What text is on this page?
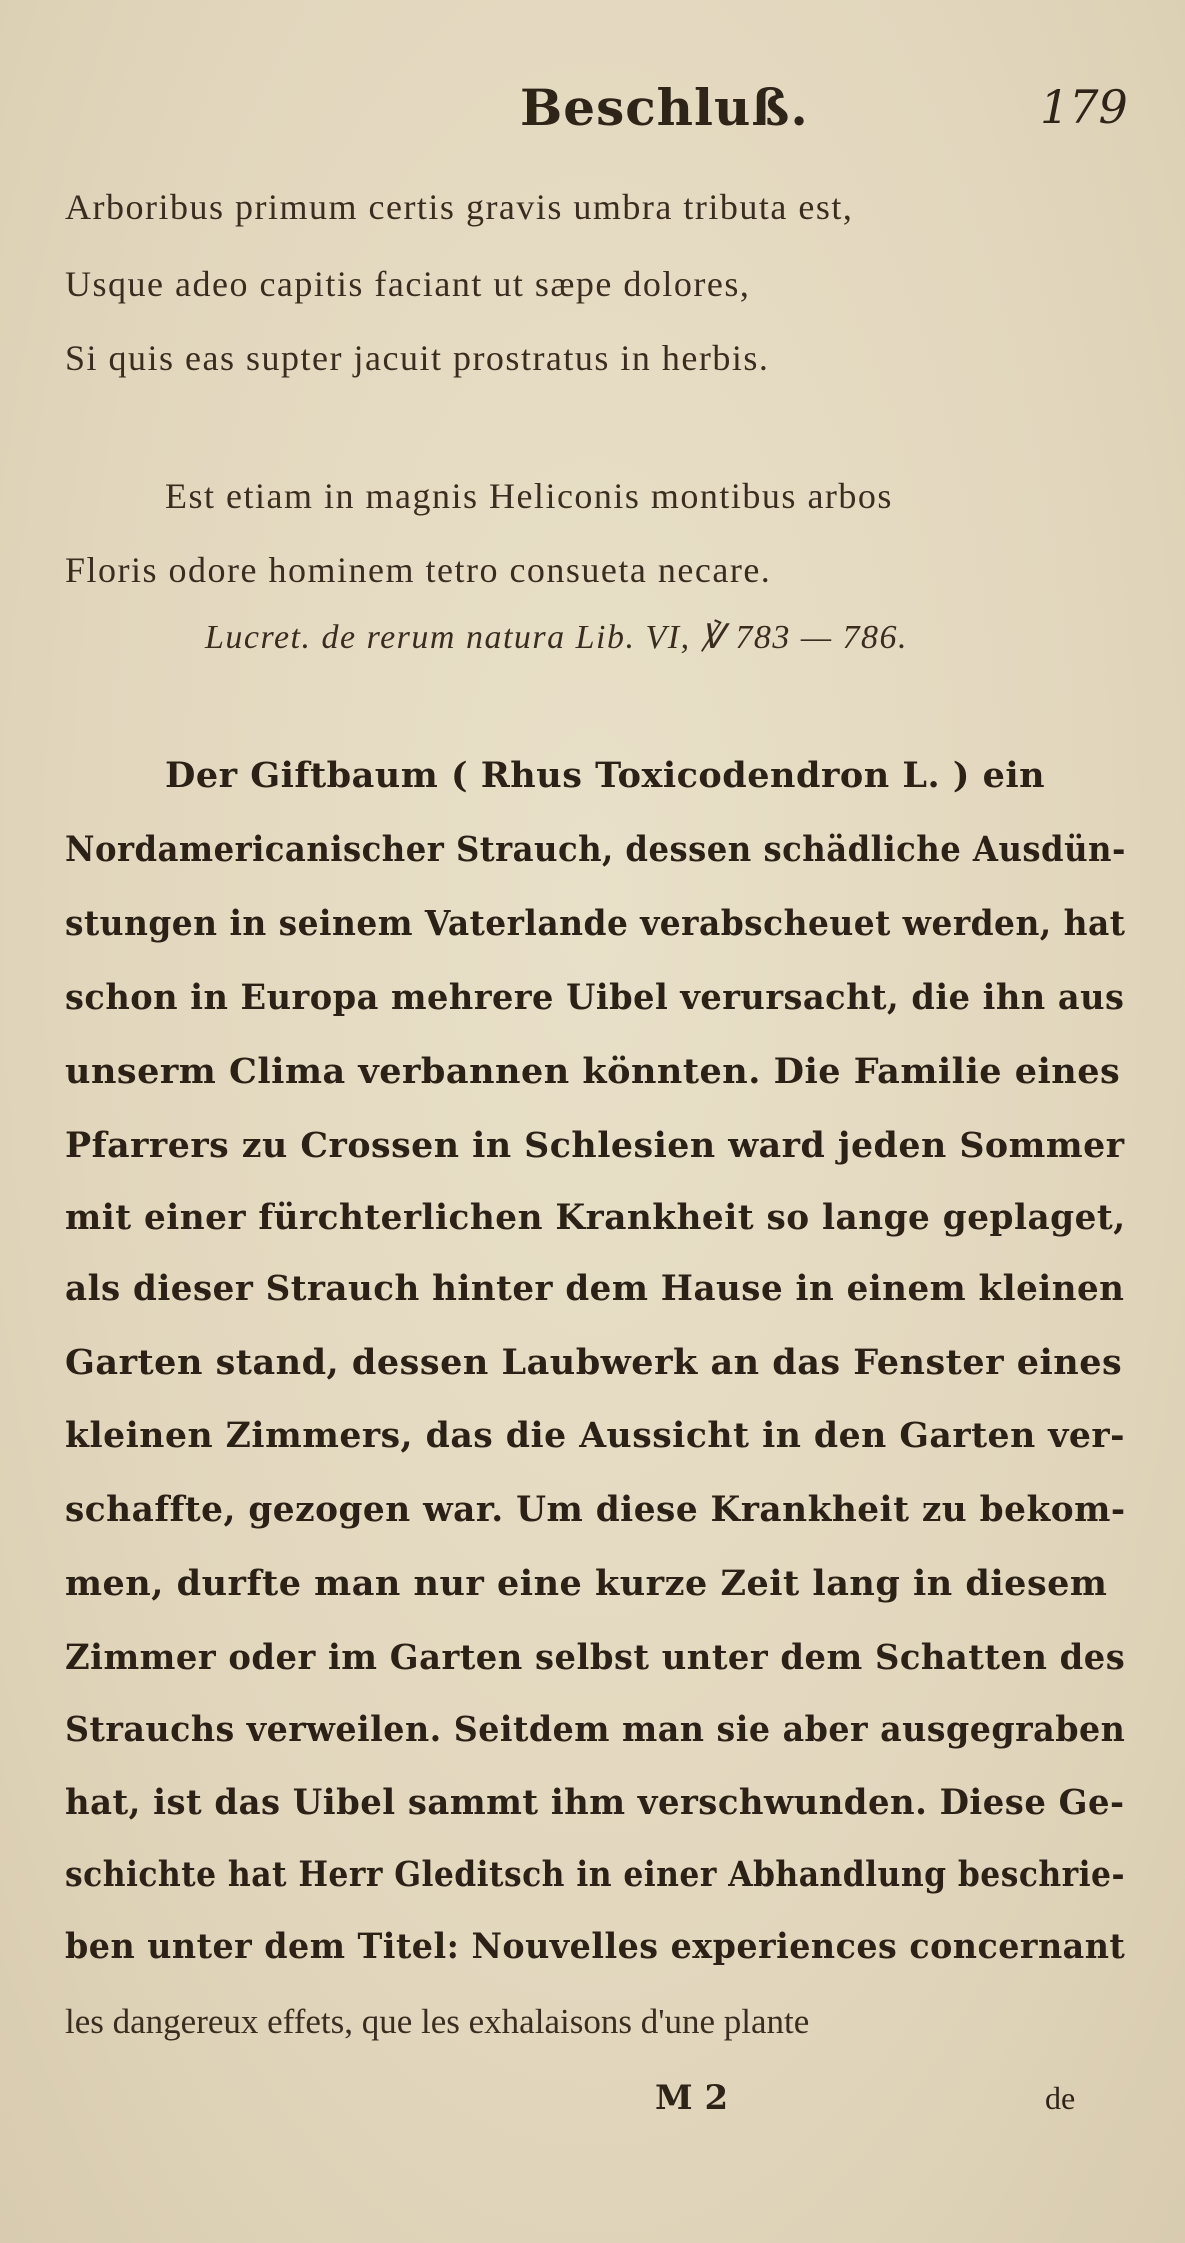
Beschluß.	179
Arboribus primum certis gravis umbra tributa est,
Usque adeo capitis faciant ut sæpe dolores,
Si quis eas supter jacuit prostratus in herbis.
Est etiam in magnis Heliconis montibus arbos
Floris odore hominem tetro consueta necare.
Lucret. de rerum natura Lib. VI, ℣ 783 — 786.
Der Giftbaum ( Rhus Toxicodendron L. ) ein
Nordamericanischer Strauch, dessen schädliche Ausdün-
stungen in seinem Vaterlande verabscheuet werden, hat
schon in Europa mehrere Uibel verursacht, die ihn aus
unserm Clima verbannen könnten. Die Familie eines
Pfarrers zu Crossen in Schlesien ward jeden Sommer
mit einer fürchterlichen Krankheit so lange geplaget,
als dieser Strauch hinter dem Hause in einem kleinen
Garten stand, dessen Laubwerk an das Fenster eines
kleinen Zimmers, das die Aussicht in den Garten ver-
schaffte, gezogen war. Um diese Krankheit zu bekom-
men, durfte man nur eine kurze Zeit lang in diesem
Zimmer oder im Garten selbst unter dem Schatten des
Strauchs verweilen. Seitdem man sie aber ausgegraben
hat, ist das Uibel sammt ihm verschwunden. Diese Ge-
schichte hat Herr Gleditsch in einer Abhandlung beschrie-
ben unter dem Titel: Nouvelles experiences concernant
les dangereux effets, que les exhalaisons d'une plante
M 2	de
